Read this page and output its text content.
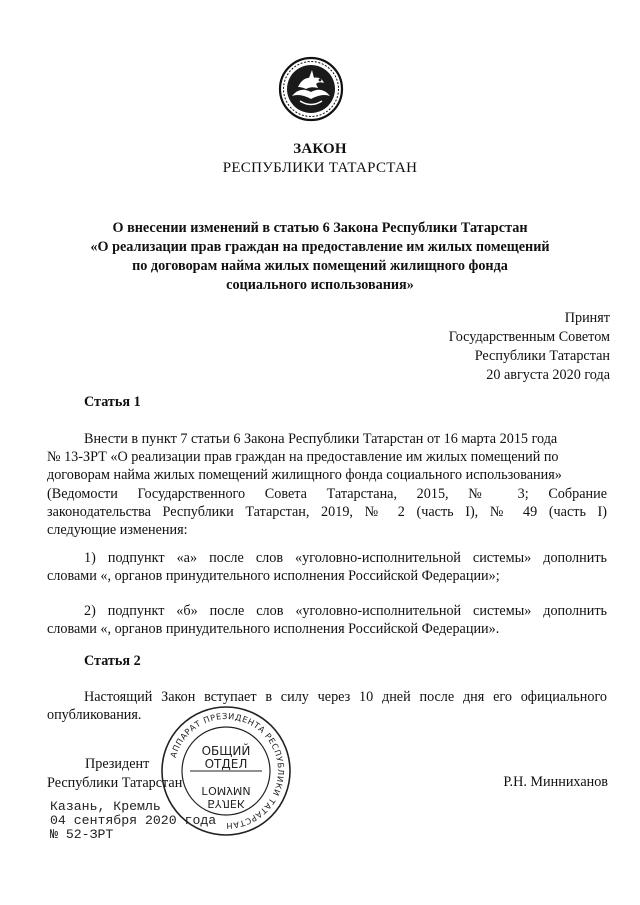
ЗАКОН
РЕСПУБЛИКИ ТАТАРСТАН
О внесении изменений в статью 6 Закона Республики Татарстан
«О реализации прав граждан на предоставление им жилых помещений
по договорам найма жилых помещений жилищного фонда
социального использования»
Принят
Государственным Советом
Республики Татарстан
20 августа 2020 года
Статья 1
Внести в пункт 7 статьи 6 Закона Республики Татарстан от 16 марта 2015 года
№ 13-ЗРТ «О реализации прав граждан на предоставление им жилых помещений по
договорам найма жилых помещений жилищного фонда социального использования»
(Ведомости Государственного Совета Татарстана, 2015, № 3; Собрание
законодательства Республики Татарстан, 2019, № 2 (часть I), № 49 (часть I)
следующие изменения:
1) подпункт «а» после слов «уголовно-исполнительной системы» дополнить
словами «, органов принудительного исполнения Российской Федерации»;
2) подпункт «б» после слов «уголовно-исполнительной системы» дополнить
словами «, органов принудительного исполнения Российской Федерации».
Статья 2
Настоящий Закон вступает в силу через 10 дней после дня его официального
опубликования.
Президент
Республики Татарстан	Р.Н. Минниханов
Казань, Кремль
04 сентября 2020 года
№ 52-ЗРТ
АППАРАТ ПРЕЗИДЕНТА РЕСПУБЛИКИ ТАТАРСТАН
ОБЩИЙ
ОТДЕЛ
ГОМУМИ
БҮЛЕК
